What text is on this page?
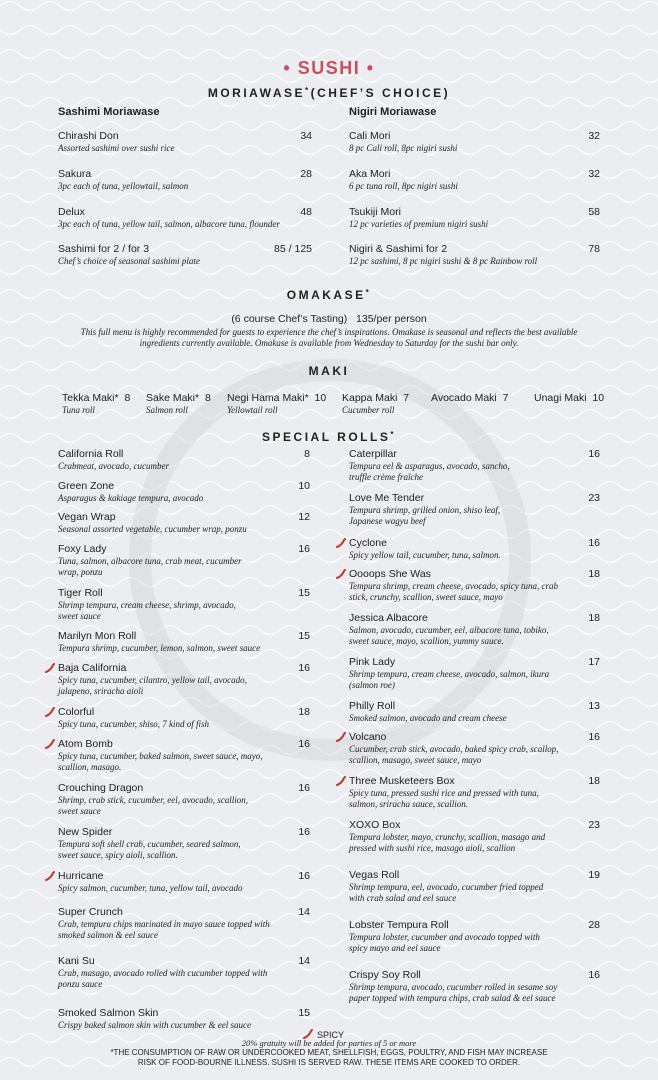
• SUSHI •
MORIAWASE*(CHEF’S CHOICE)
Sashimi Moriawase	Nigiri Moriawase
Chirashi Don
Assorted sashimi over sushi rice
34
Sakura
3pc each of tuna, yellowtail, salmon
28
Delux
3pc each of tuna, yellow tail, salmon, albacore tuna, flounder
48
Sashimi for 2 / for 3
Chef’s choice of seasonal sashimi plate
85 / 125
Cali Mori
8 pc Cali roll, 8pc nigiri sushi
32
Aka Mori
6 pc tuna roll, 8pc nigiri sushi
32
Tsukiji Mori
12 pc varieties of premium nigiri sushi
58
Nigiri & Sashimi for 2
12 pc sashimi, 8 pc nigiri sushi & 8 pc Rainbow roll
78
OMAKASE*
(6 course Chef’s Tasting) 135/per person
This full menu is highly recommended for guests to experience the chef’s inspirations. Omakase is seasonal and reflects the best available
ingredients currently available. Omakase is available from Wednesday to Saturday for the sushi bar only.
MAKI
Tekka Maki* 8
Tuna roll
Sake Maki* 8
Salmon roll
Negi Hama Maki* 10
Yellowtail roll
Kappa Maki 7
Cucumber roll
Avocado Maki 7 Unagi Maki 10
SPECIAL ROLLS*
California Roll
Crabmeat, avocado, cucumber
8
Green Zone
Asparagus & kakiage tempura, avocado
10
Vegan Wrap
Seasonal assorted vegetable, cucumber wrap, ponzu
12
Foxy Lady
Tuna, salmon, albacore tuna, crab meat, cucumber
wrap, ponzu
16
Tiger Roll
Shrimp tempura, cream cheese, shrimp, avocado,
sweet sauce
15
Marilyn Mon Roll
Tempura shrimp, cucumber, lemon, salmon, sweet sauce
15
Baja California
Spicy tuna, cucumber, cilantro, yellow tail, avocado,
jalapeno, sriracha aioli
16
Colorful
Spicy tuna, cucumber, shiso, 7 kind of fish
18
Atom Bomb
Spicy tuna, cucumber, baked salmon, sweet sauce, mayo,
scallion, masago.
16
Crouching Dragon
Shrimp, crab stick, cucumber, eel, avocado, scallion,
sweet sauce
16
New Spider
Tempura soft shell crab, cucumber, seared salmon,
sweet sauce, spicy aioli, scallion.
16
Hurricane
Spicy salmon, cucumber, tuna, yellow tail, avocado
16
Super Crunch
Crab, tempura chips marinated in mayo sauce topped with
smoked salmon & eel sauce
14
Kani Su
Crab, masago, avocado rolled with cucumber topped with
ponzu sauce
14
Smoked Salmon Skin
Crispy baked salmon skin with cucumber & eel sauce
15
Caterpillar
Tempura eel & asparagus, avocado, sancho,
truffle crème fraîche
16
Love Me Tender
Tempura shrimp, grilled onion, shiso leaf,
Japanese wagyu beef
23
Cyclone
Spicy yellow tail, cucumber, tuna, salmon.
16
Oooops She Was
Tempura shrimp, cream cheese, avocado, spicy tuna, crab
stick, crunchy, scallion, sweet sauce, mayo
18
Jessica Albacore
Salmon, avocado, cucumber, eel, albacore tuna, tobiko,
sweet sauce, mayo, scallion, yummy sauce.
18
Pink Lady
Shrimp tempura, cream cheese, avocado, salmon, ikura
(salmon roe)
17
Philly Roll
Smoked salmon, avocado and cream cheese
13
Volcano
Cucumber, crab stick, avocado, baked spicy crab, scallop,
scallion, masago, sweet sauce, mayo
16
Three Musketeers Box
Spicy tuna, pressed sushi rice and pressed with tuna,
salmon, sriracha sauce, scallion.
18
XOXO Box
Tempura lobster, mayo, crunchy, scallion, masago and
pressed with sushi rice, masago aioli, scallion
23
Vegas Roll
Shrimp tempura, eel, avocado, cucumber fried topped
with crab salad and eel sauce
19
Lobster Tempura Roll
Tempura lobster, cucumber and avocado topped with
spicy mayo and eel sauce
28
Crispy Soy Roll
Shrimp tempura, avocado, cucumber rolled in sesame soy
paper topped with tempura chips, crab salad & eel sauce
16
SPICY
20% gratuity will be added for parties of 5 or more
*THE CONSUMPTION OF RAW OR UNDERCOOKED MEAT, SHELLFISH, EGGS, POULTRY, AND FISH MAY INCREASE
RISK OF FOOD-BOURNE ILLNESS. SUSHI IS SERVED RAW. THESE ITEMS ARE COOKED TO ORDER.
